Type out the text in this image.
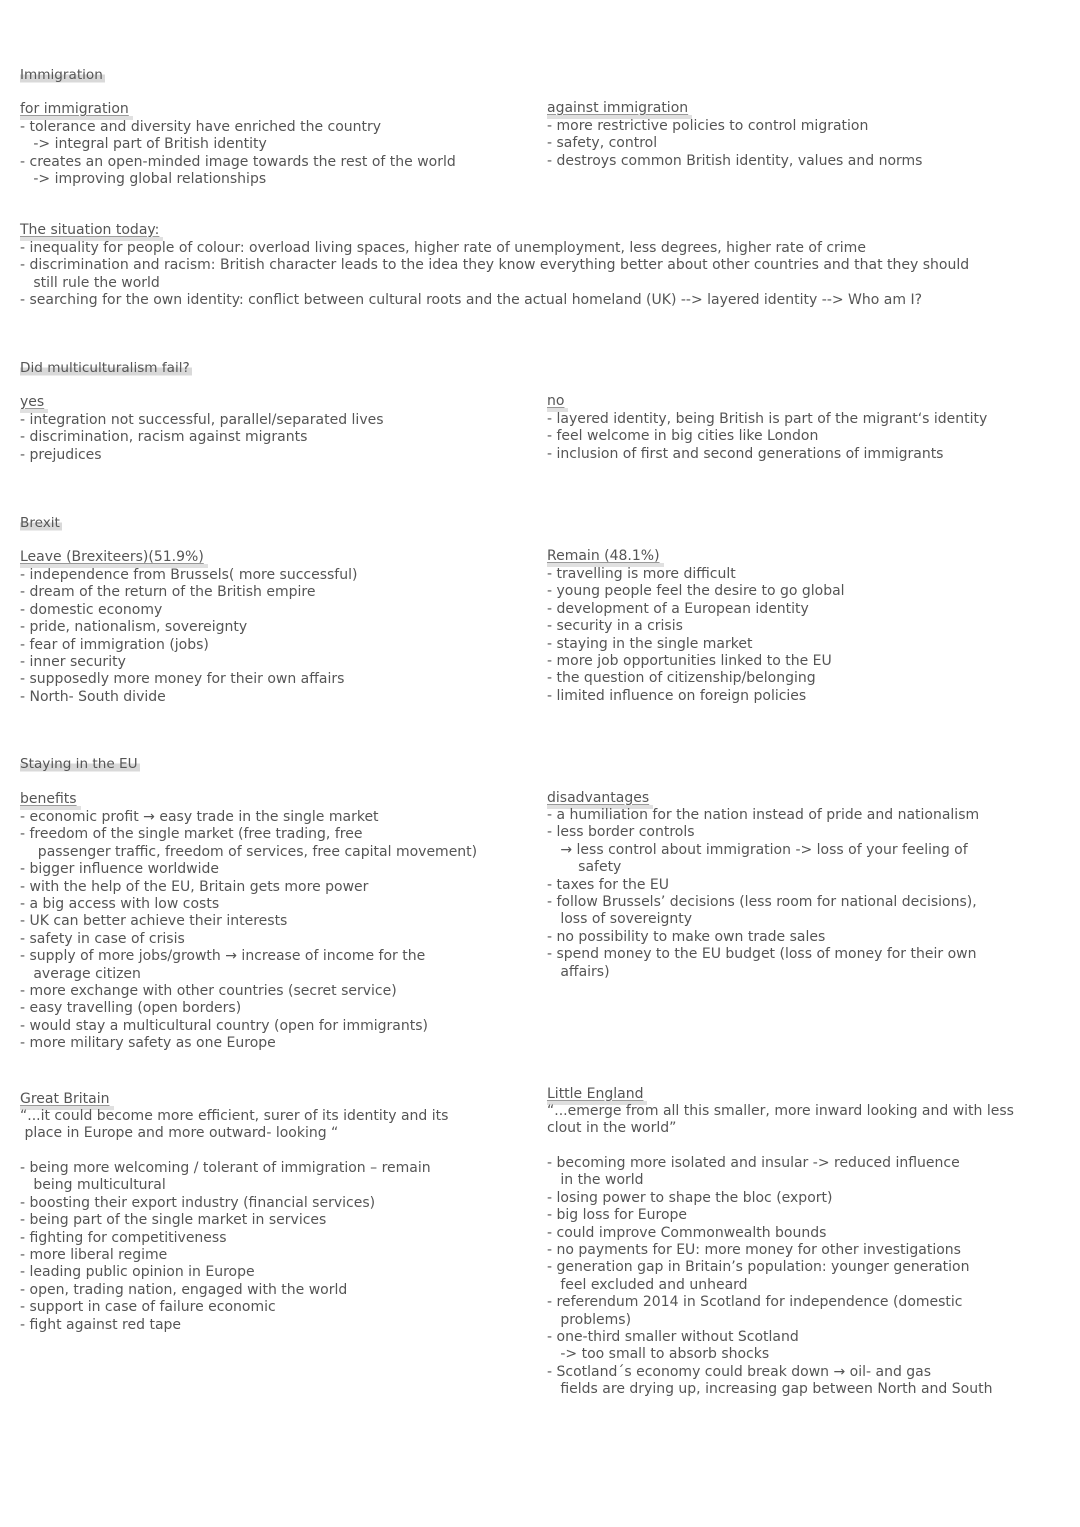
Immigration
for immigration
- tolerance and diversity have enriched the country
-> integral part of British identity
- creates an open-minded image towards the rest of the world
-> improving global relationships
against immigration
- more restrictive policies to control migration
- safety, control
- destroys common British identity, values and norms
The situation today:
- inequality for people of colour: overload living spaces, higher rate of unemployment, less degrees, higher rate of crime
- discrimination and racism: British character leads to the idea they know everything better about other countries and that they should
still rule the world
- searching for the own identity: conflict between cultural roots and the actual homeland (UK) --> layered identity --> Who am I?
Did multiculturalism fail?
yes
- integration not successful, parallel/separated lives
- discrimination, racism against migrants
- prejudices
no
- layered identity, being British is part of the migrant‘s identity
- feel welcome in big cities like London
- inclusion of first and second generations of immigrants
Brexit
Leave (Brexiteers)(51.9%)
- independence from Brussels( more successful)
- dream of the return of the British empire
- domestic economy
- pride, nationalism, sovereignty
- fear of immigration (jobs)
- inner security
- supposedly more money for their own affairs
- North- South divide
Remain (48.1%)
- travelling is more difficult
- young people feel the desire to go global
- development of a European identity
- security in a crisis
- staying in the single market
- more job opportunities linked to the EU
- the question of citizenship/belonging
- limited influence on foreign policies
Staying in the EU
benefits
- economic profit → easy trade in the single market
- freedom of the single market (free trading, free
passenger traffic, freedom of services, free capital movement)
- bigger influence worldwide
- with the help of the EU, Britain gets more power
- a big access with low costs
- UK can better achieve their interests
- safety in case of crisis
- supply of more jobs/growth → increase of income for the
average citizen
- more exchange with other countries (secret service)
- easy travelling (open borders)
- would stay a multicultural country (open for immigrants)
- more military safety as one Europe
disadvantages
- a humiliation for the nation instead of pride and nationalism
- less border controls
→ less control about immigration -> loss of your feeling of
safety
- taxes for the EU
- follow Brussels’ decisions (less room for national decisions),
loss of sovereignty
- no possibility to make own trade sales
- spend money to the EU budget (loss of money for their own
affairs)
Great Britain
“...it could become more efficient, surer of its identity and its
place in Europe and more outward- looking “
- being more welcoming / tolerant of immigration – remain
being multicultural
- boosting their export industry (financial services)
- being part of the single market in services
- fighting for competitiveness
- more liberal regime
- leading public opinion in Europe
- open, trading nation, engaged with the world
- support in case of failure economic
- fight against red tape
Little England
“...emerge from all this smaller, more inward looking and with less
clout in the world”
- becoming more isolated and insular -> reduced influence
in the world
- losing power to shape the bloc (export)
- big loss for Europe
- could improve Commonwealth bounds
- no payments for EU: more money for other investigations
- generation gap in Britain’s population: younger generation
feel excluded and unheard
- referendum 2014 in Scotland for independence (domestic
problems)
- one-third smaller without Scotland
-> too small to absorb shocks
- Scotland´s economy could break down → oil- and gas
fields are drying up, increasing gap between North and South
